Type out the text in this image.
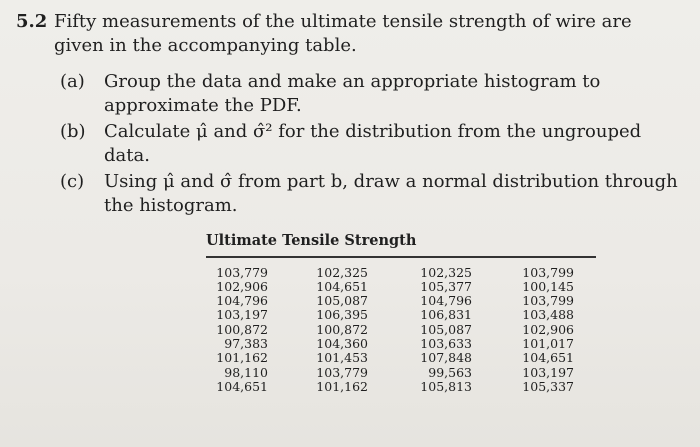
5.2 Fifty measurements of the ultimate tensile strength of wire are given in the accompanying table.
(a) Group the data and make an appropriate histogram to approximate the PDF.
(b) Calculate μ̂ and σ̂² for the distribution from the ungrouped data.
(c) Using μ̂ and σ̂ from part b, draw a normal distribution through the histogram.
Ultimate Tensile Strength
103,779
102,906
104,796
103,197
100,872
97,383
101,162
98,110
104,651
102,325
104,651
105,087
106,395
100,872
104,360
101,453
103,779
101,162
102,325
105,377
104,796
106,831
105,087
103,633
107,848
99,563
105,813
103,799
100,145
103,799
103,488
102,906
101,017
104,651
103,197
105,337
